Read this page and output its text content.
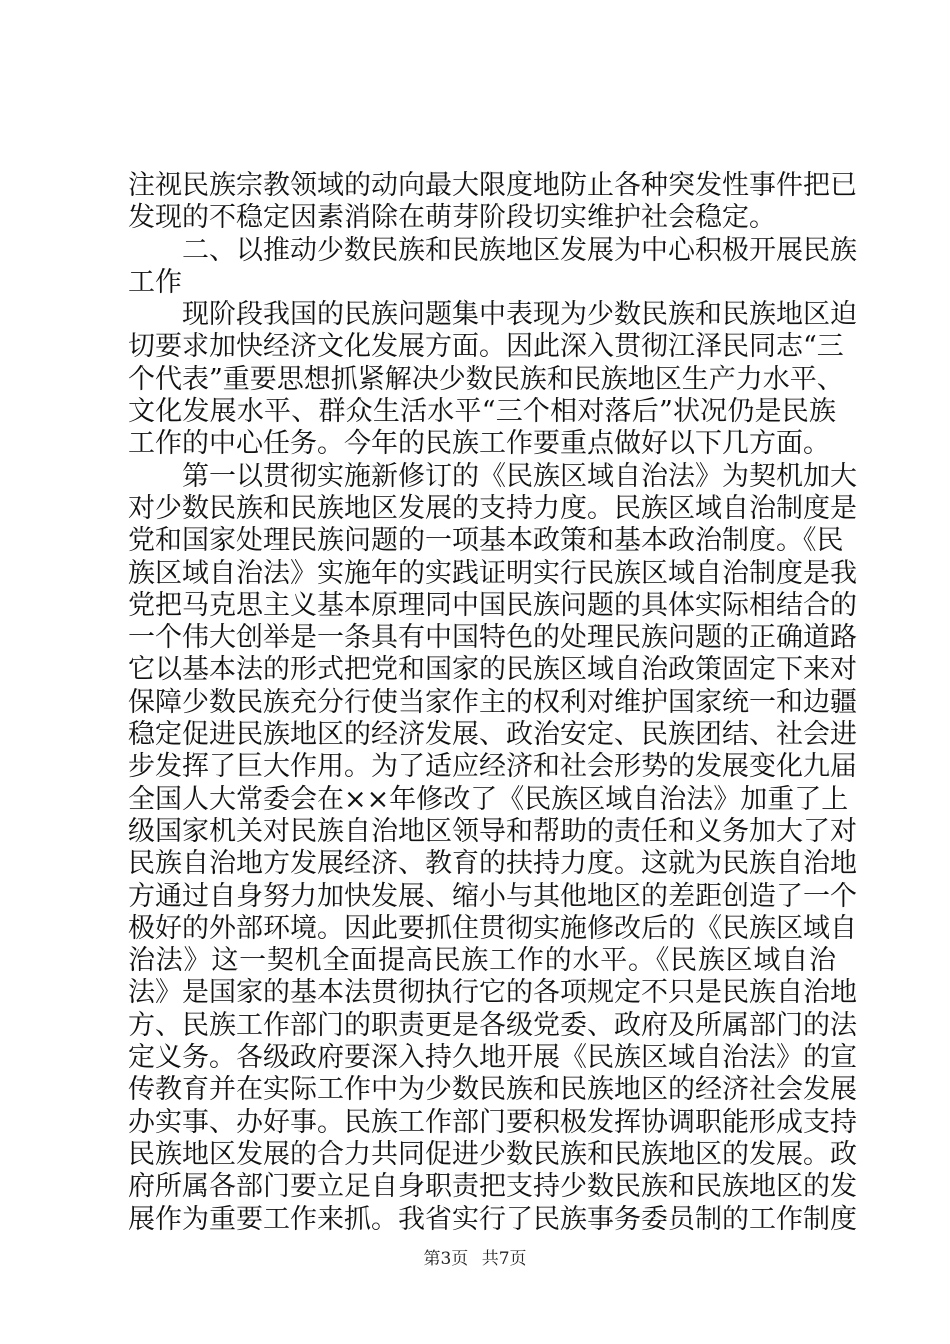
注视民族宗教领域的动向最大限度地防止各种突发性事件把已
发现的不稳定因素消除在萌芽阶段切实维护社会稳定。
二、以推动少数民族和民族地区发展为中心积极开展民族
工作
现阶段我国的民族问题集中表现为少数民族和民族地区迫
切要求加快经济文化发展方面。因此深入贯彻江泽民同志“三
个代表”重要思想抓紧解决少数民族和民族地区生产力水平、
文化发展水平、群众生活水平“三个相对落后”状况仍是民族
工作的中心任务。今年的民族工作要重点做好以下几方面。
第一以贯彻实施新修订的《民族区域自治法》为契机加大
对少数民族和民族地区发展的支持力度。民族区域自治制度是
党和国家处理民族问题的一项基本政策和基本政治制度。《民
族区域自治法》实施年的实践证明实行民族区域自治制度是我
党把马克思主义基本原理同中国民族问题的具体实际相结合的
一个伟大创举是一条具有中国特色的处理民族问题的正确道路
它以基本法的形式把党和国家的民族区域自治政策固定下来对
保障少数民族充分行使当家作主的权利对维护国家统一和边疆
稳定促进民族地区的经济发展、政治安定、民族团结、社会进
步发挥了巨大作用。为了适应经济和社会形势的发展变化九届
全国人大常委会在××年修改了《民族区域自治法》加重了上
级国家机关对民族自治地区领导和帮助的责任和义务加大了对
民族自治地方发展经济、教育的扶持力度。这就为民族自治地
方通过自身努力加快发展、缩小与其他地区的差距创造了一个
极好的外部环境。因此要抓住贯彻实施修改后的《民族区域自
治法》这一契机全面提高民族工作的水平。《民族区域自治
法》是国家的基本法贯彻执行它的各项规定不只是民族自治地
方、民族工作部门的职责更是各级党委、政府及所属部门的法
定义务。各级政府要深入持久地开展《民族区域自治法》的宣
传教育并在实际工作中为少数民族和民族地区的经济社会发展
办实事、办好事。民族工作部门要积极发挥协调职能形成支持
民族地区发展的合力共同促进少数民族和民族地区的发展。政
府所属各部门要立足自身职责把支持少数民族和民族地区的发
展作为重要工作来抓。我省实行了民族事务委员制的工作制度
第3页 共7页
